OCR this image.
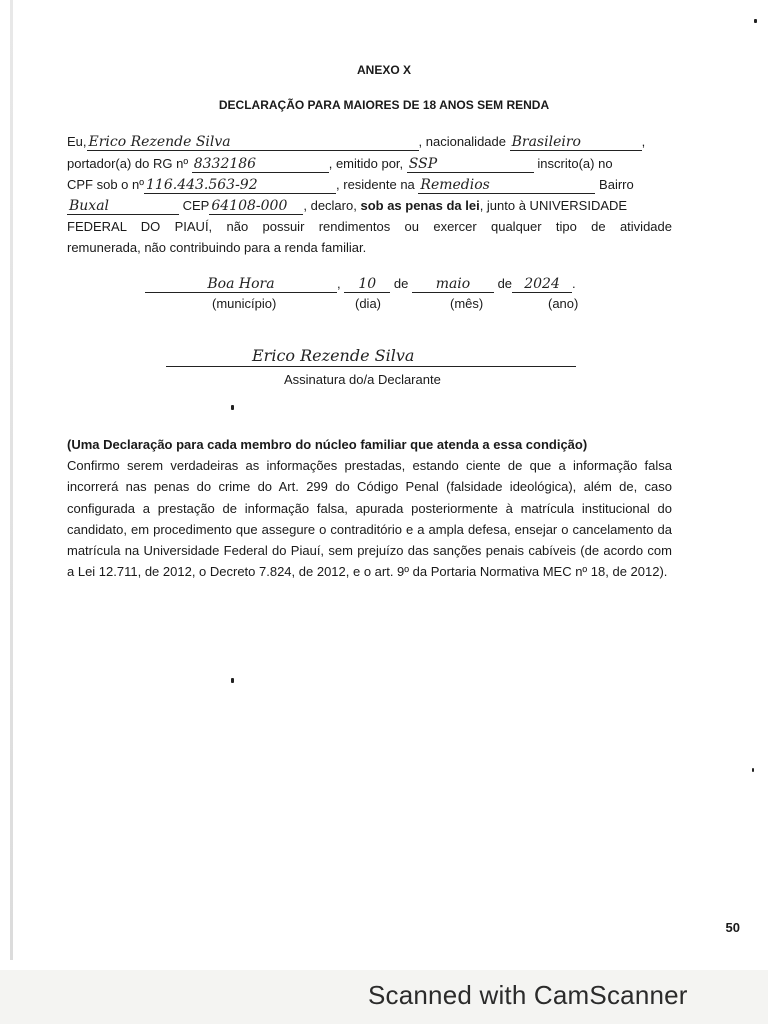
ANEXO X
DECLARAÇÃO PARA MAIORES DE 18 ANOS SEM RENDA
Eu, Erico Rezende Silva	, nacionalidade Brasileiro	,
portador(a) do RG nº 8332186	, emitido por, SSP	inscrito(a) no
CPF sob o nº 116.443.563-92	, residente na Remedios	Bairro
Buxal	CEP 64108-000 , declaro, sob as penas da lei, junto à UNIVERSIDADE
FEDERAL DO PIAUÍ, não possuir rendimentos ou exercer qualquer tipo de atividade
remunerada, não contribuindo para a renda familiar.
Boa Hora	, 10 de maio de 2024 .
(município)	(dia)	(mês)	(ano)
Erico Rezende Silva
Assinatura do/a Declarante
(Uma Declaração para cada membro do núcleo familiar que atenda a essa condição)
Confirmo serem verdadeiras as informações prestadas, estando ciente de que a informação falsa incorrerá nas penas do crime do Art. 299 do Código Penal (falsidade ideológica), além de, caso configurada a prestação de informação falsa, apurada posteriormente à matrícula institucional do candidato, em procedimento que assegure o contraditório e a ampla defesa, ensejar o cancelamento da matrícula na Universidade Federal do Piauí, sem prejuízo das sanções penais cabíveis (de acordo com a Lei 12.711, de 2012, o Decreto 7.824, de 2012, e o art. 9º da Portaria Normativa MEC nº 18, de 2012).
50
Scanned with CamScanner
